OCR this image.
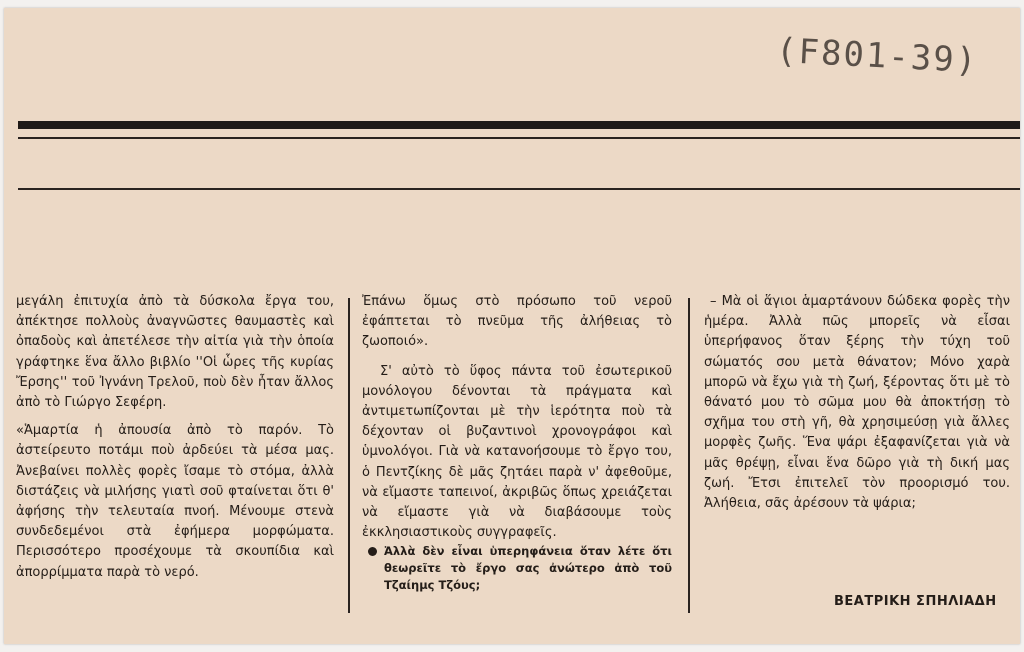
(F801-39)

μεγάλη ἐπιτυχία ἀπὸ τὰ δύσκολα ἔργα του, ἀπέκτησε πολλοὺς ἀναγνῶστες θαυμαστὲς καὶ ὀπαδοὺς καὶ ἀπετέλεσε τὴν αἰτία γιὰ τὴν ὁποία γράφτηκε ἕνα ἄλλο βιβλίο ''Οἱ ὧρες τῆς κυρίας Ἔρσης'' τοῦ Ἰγνάνη Τρελοῦ, ποὺ δὲν ἦταν ἄλλος ἀπὸ τὸ Γιώργο Σεφέρη.

«Ἁμαρτία ἡ ἀπουσία ἀπὸ τὸ παρόν. Τὸ ἀστείρευτο ποτάμι ποὺ ἀρδεύει τὰ μέσα μας. Ἀνεβαίνει πολλὲς φορὲς ἴσαμε τὸ στόμα, ἀλλὰ διστάζεις νὰ μιλήσης γιατὶ σοῦ φταίνεται ὅτι θ' ἀφήσης τὴν τελευταία πνοή. Μένουμε στενὰ συνδεδεμένοι στὰ ἐφήμερα μορφώματα. Περισσότερο προσέχουμε τὰ σκουπίδια καὶ ἀπορρίμματα παρὰ τὸ νερό.

Ἐπάνω ὅμως στὸ πρόσωπο τοῦ νεροῦ ἐφάπτεται τὸ πνεῦμα τῆς ἀλήθειας τὸ ζωοποιό».

Σ' αὐτὸ τὸ ὕφος πάντα τοῦ ἐσωτερικοῦ μονόλογου δένονται τὰ πράγματα καὶ ἀντιμετωπίζονται μὲ τὴν ἱερότητα ποὺ τὰ δέχονταν οἱ βυζαντινοὶ χρονογράφοι καὶ ὑμνολόγοι. Γιὰ νὰ κατανοήσουμε τὸ ἔργο του, ὁ Πεντζίκης δὲ μᾶς ζητάει παρὰ ν' ἀφεθοῦμε, νὰ εἴμαστε ταπεινοί, ἀκριβῶς ὅπως χρειάζεται νὰ εἴμαστε γιὰ νὰ διαβάσουμε τοὺς ἐκκλησιαστικοὺς συγγραφεῖς.

Ἀλλὰ δὲν εἶναι ὑπερηφάνεια ὅταν λέτε ὅτι θεωρεῖτε τὸ ἔργο σας ἀνώτερο ἀπὸ τοῦ Τζαίημς Τζόυς;

– Μὰ οἱ ἅγιοι ἁμαρτάνουν δώδεκα φορὲς τὴν ἡμέρα. Ἀλλὰ πῶς μπορεῖς νὰ εἶσαι ὑπερήφανος ὅταν ξέρης τὴν τύχη τοῦ σώματός σου μετὰ θάνατον; Μόνο χαρὰ μπορῶ νὰ ἔχω γιὰ τὴ ζωή, ξέροντας ὅτι μὲ τὸ θάνατό μου τὸ σῶμα μου θὰ ἀποκτήσῃ τὸ σχῆμα του στὴ γῆ, θὰ χρησιμεύσῃ γιὰ ἄλλες μορφὲς ζωῆς. Ἕνα ψάρι ἐξαφανίζεται γιὰ νὰ μᾶς θρέψῃ, εἶναι ἕνα δῶρο γιὰ τὴ δική μας ζωή. Ἔτσι ἐπιτελεῖ τὸν προορισμό του. Ἀλήθεια, σᾶς ἀρέσουν τὰ ψάρια;

ΒΕΑΤΡΙΚΗ ΣΠΗΛΙΑΔΗ
